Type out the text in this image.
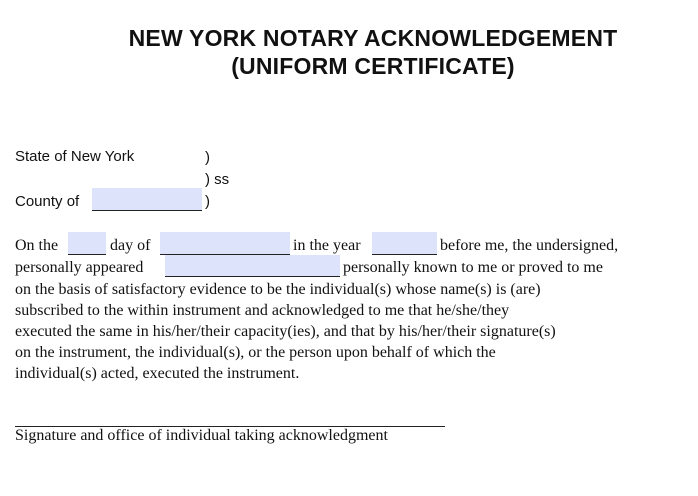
NEW YORK NOTARY ACKNOWLEDGEMENT
(UNIFORM CERTIFICATE)
State of New York	)
) ss
County of	)
On the	day of	in the year	before me, the undersigned,
personally appeared	personally known to me or proved to me
on the basis of satisfactory evidence to be the individual(s) whose name(s) is (are)
subscribed to the within instrument and acknowledged to me that he/she/they
executed the same in his/her/their capacity(ies), and that by his/her/their signature(s)
on the instrument, the individual(s), or the person upon behalf of which the
individual(s) acted, executed the instrument.
Signature and office of individual taking acknowledgment
